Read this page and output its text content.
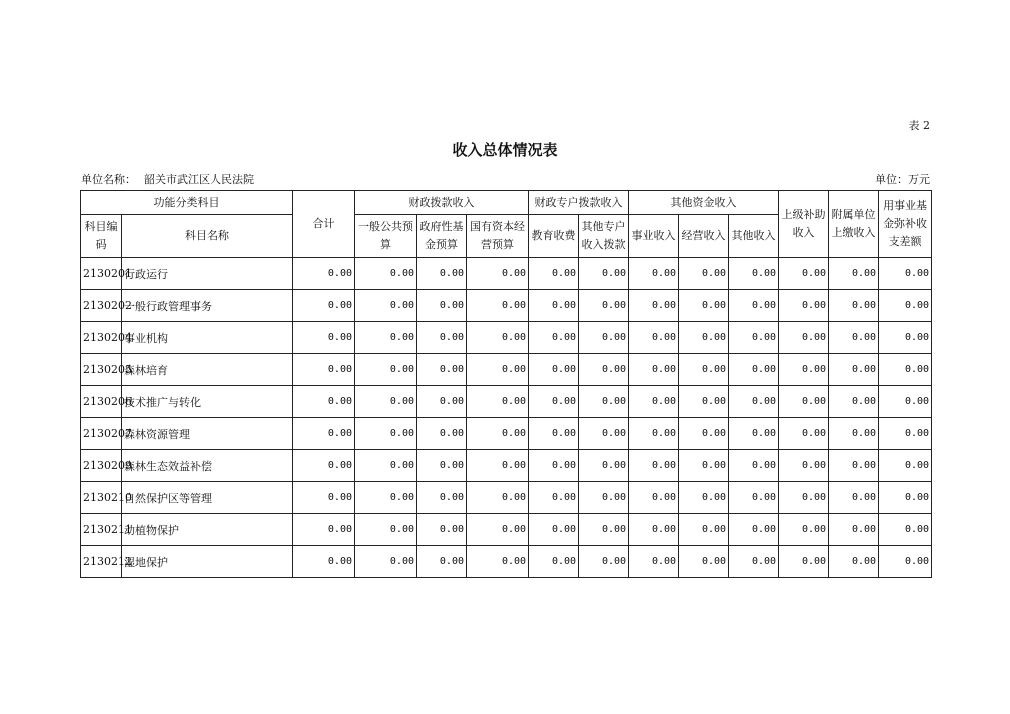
表 2
收入总体情况表
单位名称： 韶关市武江区人民法院	单位：万元
功能分类科目		合计	财政拨款收入			财政专户拨款收入		其他资金收入			上级补助收入	附属单位上缴收入	用事业基金弥补收支差额
科目编码	科目名称		一般公共预算	政府性基金预算	国有资本经营预算	教育收费	其他专户收入拨款	事业收入	经营收入	其他收入			
2130201	行政运行	0.00	0.00	0.00	0.00	0.00	0.00	0.00	0.00	0.00	0.00	0.00	0.00
2130202	一般行政管理事务	0.00	0.00	0.00	0.00	0.00	0.00	0.00	0.00	0.00	0.00	0.00	0.00
2130204	事业机构	0.00	0.00	0.00	0.00	0.00	0.00	0.00	0.00	0.00	0.00	0.00	0.00
2130205	森林培育	0.00	0.00	0.00	0.00	0.00	0.00	0.00	0.00	0.00	0.00	0.00	0.00
2130206	技术推广与转化	0.00	0.00	0.00	0.00	0.00	0.00	0.00	0.00	0.00	0.00	0.00	0.00
2130207	森林资源管理	0.00	0.00	0.00	0.00	0.00	0.00	0.00	0.00	0.00	0.00	0.00	0.00
2130209	森林生态效益补偿	0.00	0.00	0.00	0.00	0.00	0.00	0.00	0.00	0.00	0.00	0.00	0.00
2130210	自然保护区等管理	0.00	0.00	0.00	0.00	0.00	0.00	0.00	0.00	0.00	0.00	0.00	0.00
2130211	动植物保护	0.00	0.00	0.00	0.00	0.00	0.00	0.00	0.00	0.00	0.00	0.00	0.00
2130212	湿地保护	0.00	0.00	0.00	0.00	0.00	0.00	0.00	0.00	0.00	0.00	0.00	0.00
